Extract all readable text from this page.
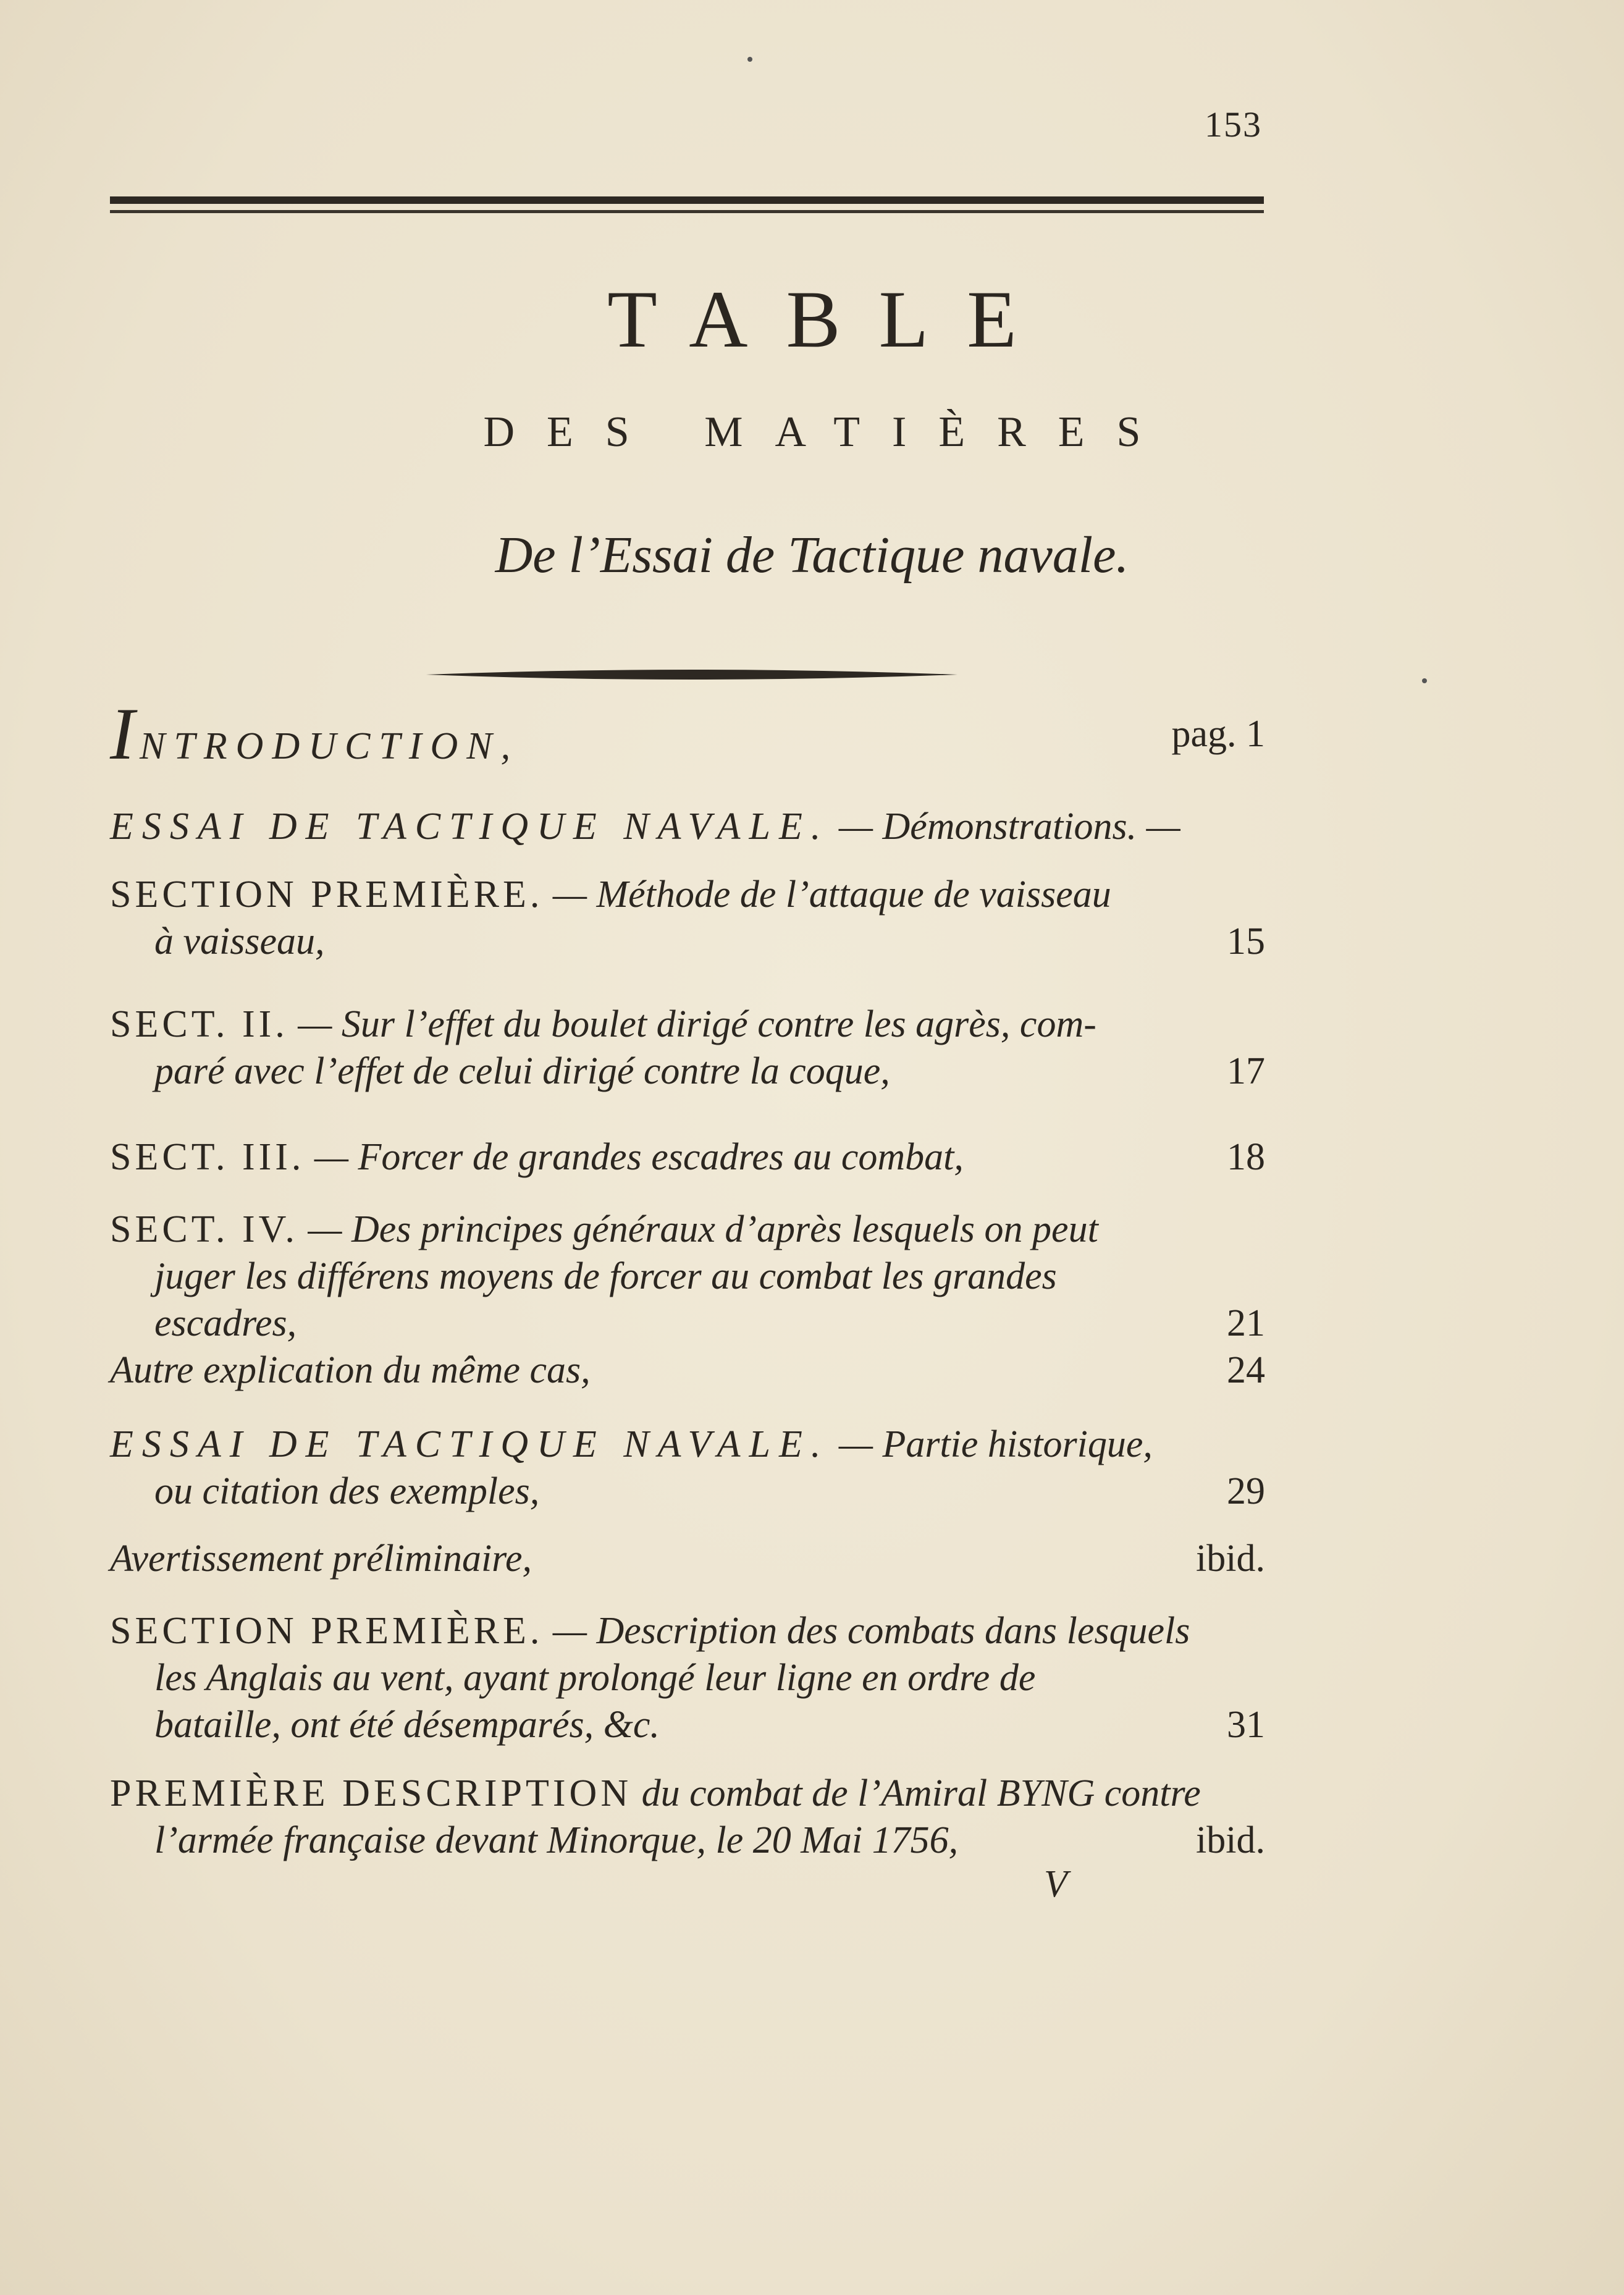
153
TABLE
DES MATIÈRES
De l’Essai de Tactique navale.
INTRODUCTION,	pag. 1
ESSAI DE TACTIQUE NAVALE. — Démonstrations. —
SECTION PREMIÈRE. — Méthode de l’attaque de vaisseau
à vaisseau,	15
SECT. II. — Sur l’effet du boulet dirigé contre les agrès, com-
paré avec l’effet de celui dirigé contre la coque,	17
SECT. III. — Forcer de grandes escadres au combat,	18
SECT. IV. — Des principes généraux d’après lesquels on peut
juger les différens moyens de forcer au combat les grandes
escadres,	21
Autre explication du même cas,	24
ESSAI DE TACTIQUE NAVALE. — Partie historique,
ou citation des exemples,	29
Avertissement préliminaire,	ibid.
SECTION PREMIÈRE. — Description des combats dans lesquels
les Anglais au vent, ayant prolongé leur ligne en ordre de
bataille, ont été désemparés, &c.	31
PREMIÈRE DESCRIPTION du combat de l’Amiral BYNG contre
l’armée française devant Minorque, le 20 Mai 1756,	ibid.
V
